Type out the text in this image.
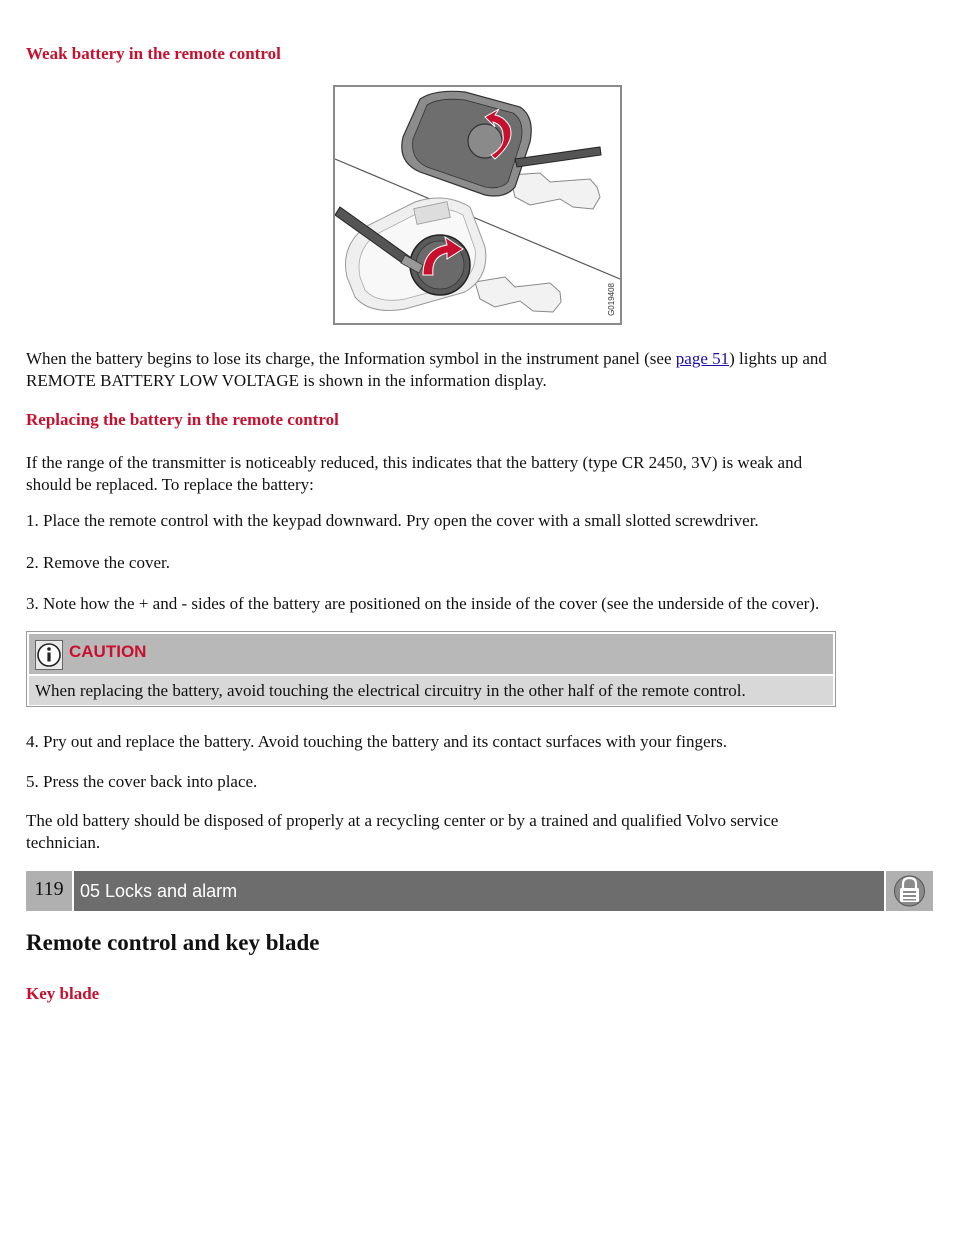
Weak battery in the remote control
G019408
When the battery begins to lose its charge, the Information symbol in the instrument panel (see page 51) lights up and
REMOTE BATTERY LOW VOLTAGE is shown in the information display.
Replacing the battery in the remote control
If the range of the transmitter is noticeably reduced, this indicates that the battery (type CR 2450, 3V) is weak and
should be replaced. To replace the battery:
1. Place the remote control with the keypad downward. Pry open the cover with a small slotted screwdriver.
2. Remove the cover.
3. Note how the + and - sides of the battery are positioned on the inside of the cover (see the underside of the cover).
CAUTION
When replacing the battery, avoid touching the electrical circuitry in the other half of the remote control.
4. Pry out and replace the battery. Avoid touching the battery and its contact surfaces with your fingers.
5. Press the cover back into place.
The old battery should be disposed of properly at a recycling center or by a trained and qualified Volvo service
technician.
119 05 Locks and alarm
Remote control and key blade
Key blade
